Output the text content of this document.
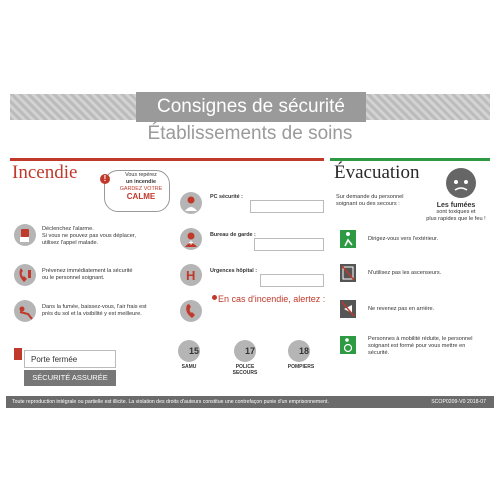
Consignes de sécurité
Établissements de soins
Incendie	!	Vous repérez
un incendie
GARDEZ VOTRE
CALME
Déclenchez l'alarme.
Si vous ne pouvez pas vous déplacer,
utilisez l'appel malade.
Prévenez immédiatement la sécurité
ou le personnel soignant.
Dans la fumée, baissez-vous, l'air frais est
près du sol et la visibilité y est meilleure.
Porte fermée
SÉCURITÉ ASSURÉE
PC sécurité :
Bureau de garde :
H	Urgences hôpital :
En cas d'incendie, alertez :
15
SAMU
17
POLICE
SECOURS
18
POMPIERS
Évacuation
Sur demande du personnel
soignant ou des secours :	Les fumées
sont toxiques et
plus rapides que le feu !
Dirigez-vous vers l'extérieur.
N'utilisez pas les ascenseurs.
Ne revenez pas en arrière.
Personnes à mobilité réduite, le personnel
soignant est formé pour vous mettre en
sécurité.
Toute reproduction intégrale ou partielle est illicite. La violation des droits d'auteurs constitue une contrefaçon punie d'un emprisonnement.	SCOP0209-V0 2018-07
